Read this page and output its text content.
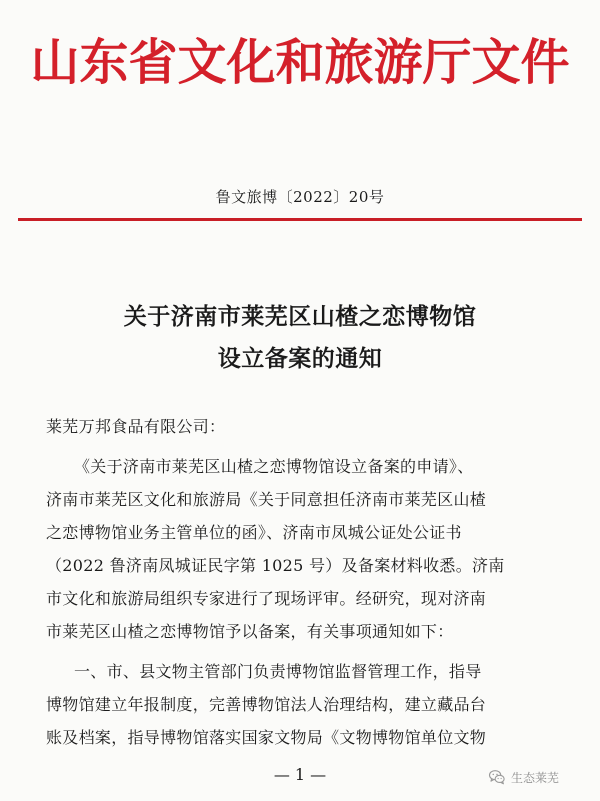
山东省文化和旅游厅文件
鲁文旅博〔2022〕20号
关于济南市莱芜区山楂之恋博物馆
设立备案的通知
莱芜万邦食品有限公司：
《关于济南市莱芜区山楂之恋博物馆设立备案的申请》、
济南市莱芜区文化和旅游局《关于同意担任济南市莱芜区山楂
之恋博物馆业务主管单位的函》、济南市凤城公证处公证书
（2022 鲁济南凤城证民字第 1025 号）及备案材料收悉。济南
市文化和旅游局组织专家进行了现场评审。经研究，现对济南
市莱芜区山楂之恋博物馆予以备案，有关事项通知如下：
一、市、县文物主管部门负责博物馆监督管理工作，指导
博物馆建立年报制度，完善博物馆法人治理结构，建立藏品台
账及档案，指导博物馆落实国家文物局《文物博物馆单位文物
— 1 —	生态莱芜
